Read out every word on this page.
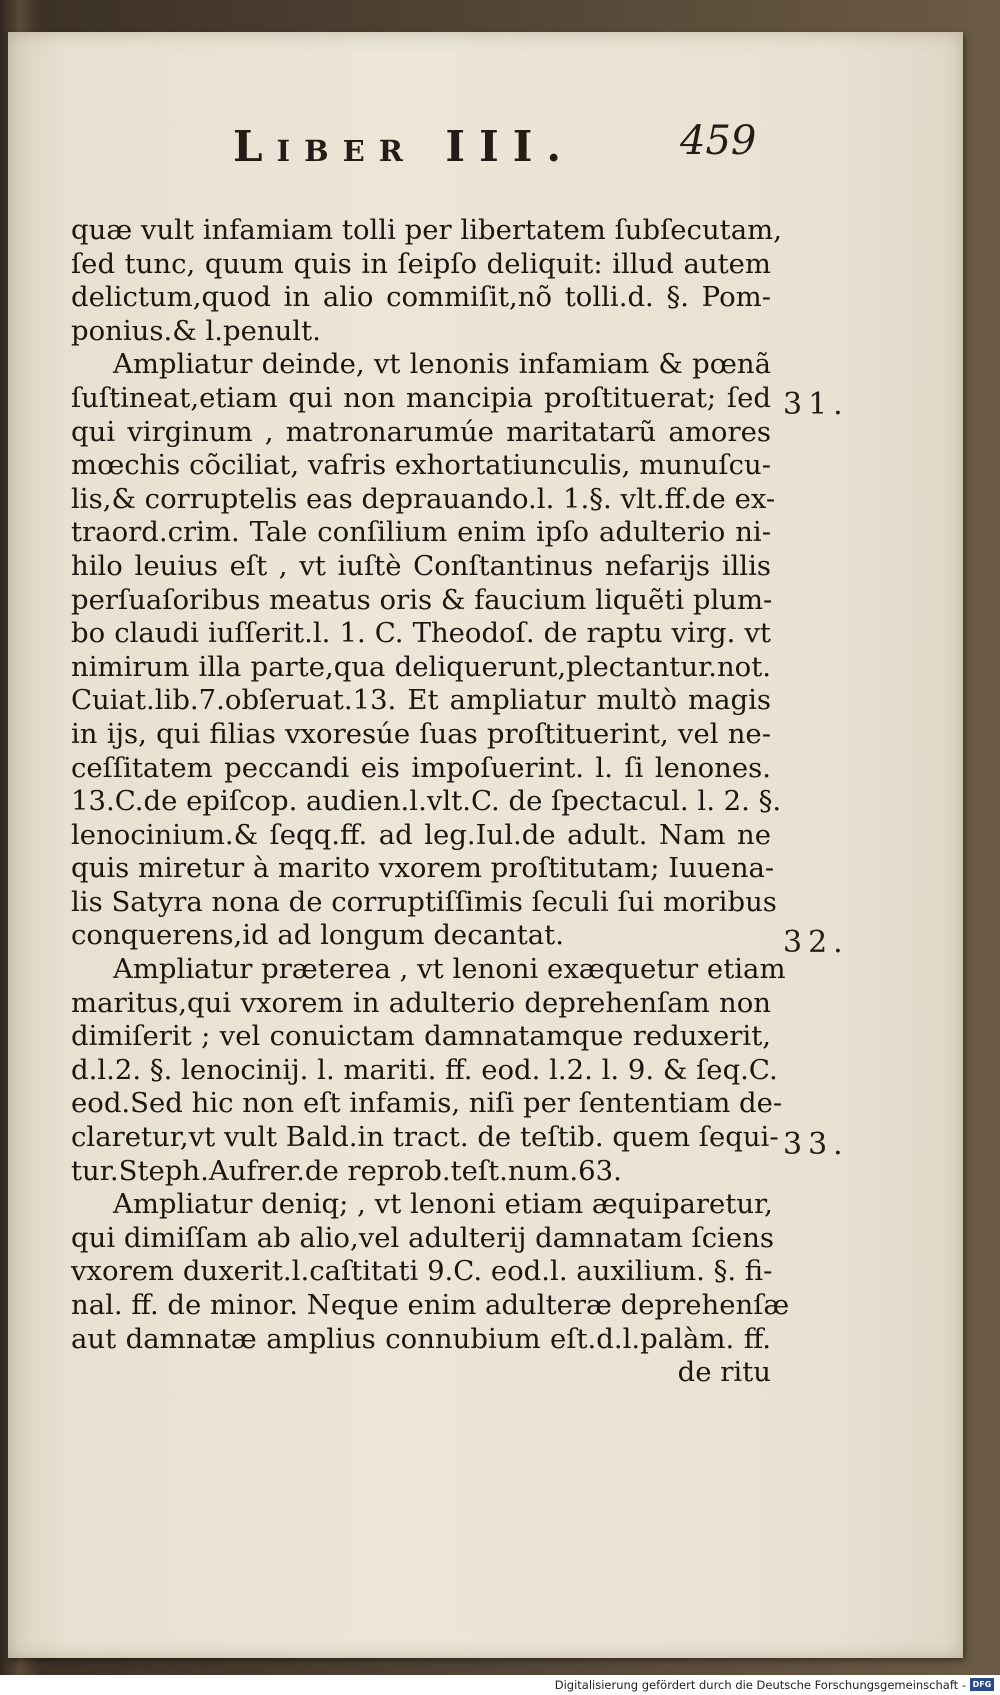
Liber III.	459
quæ vult infamiam tolli per libertatem ſubſecutam,
ſed tunc, quum quis in ſeipſo deliquit: illud autem
delictum,quod in alio commiſit,nõ tolli.d. §. Pom-
ponius.& l.penult.
Ampliatur deinde, vt lenonis infamiam & pœnã
ſuſtineat,etiam qui non mancipia proſtituerat; ſed
qui virginum , matronarumúe maritatarũ amores
mœchis cõciliat, vafris exhortatiunculis, munuſcu-
lis,& corruptelis eas deprauando.l. 1.§. vlt.ff.de ex-
traord.crim. Tale conſilium enim ipſo adulterio ni-
hilo leuius eſt , vt iuſtè Conſtantinus nefarijs illis
perſuaſoribus meatus oris & faucium liquẽti plum-
bo claudi iuſſerit.l. 1. C. Theodoſ. de raptu virg. vt
nimirum illa parte,qua deliquerunt,plectantur.not.
Cuiat.lib.7.obſeruat.13. Et ampliatur multò magis
in ijs, qui filias vxoresúe ſuas proſtituerint, vel ne-
ceſſitatem peccandi eis impoſuerint. l. ſi lenones.
13.C.de epiſcop. audien.l.vlt.C. de ſpectacul. l. 2. §.
lenocinium.& ſeqq.ff. ad leg.Iul.de adult. Nam ne
quis miretur à marito vxorem proſtitutam; Iuuena-
lis Satyra nona de corruptiſſimis ſeculi ſui moribus
conquerens,id ad longum decantat.
Ampliatur præterea , vt lenoni exæquetur etiam
maritus,qui vxorem in adulterio deprehenſam non
dimiſerit ; vel conuictam damnatamque reduxerit,
d.l.2. §. lenocinij. l. mariti. ff. eod. l.2. l. 9. & ſeq.C.
eod.Sed hic non eſt infamis, niſi per ſententiam de-
claretur,vt vult Bald.in tract. de teſtib. quem ſequi-
tur.Steph.Aufrer.de reprob.teſt.num.63.
Ampliatur deniq; , vt lenoni etiam æquiparetur,
qui dimiſſam ab alio,vel adulterij damnatam ſciens
vxorem duxerit.l.caſtitati 9.C. eod.l. auxilium. §. fi-
nal. ff. de minor. Neque enim adulteræ deprehenſæ
aut damnatæ amplius connubium eſt.d.l.palàm. ff.
de ritu
31.
32.
33.
Digitalisierung gefördert durch die Deutsche Forschungsgemeinschaft - DFG
